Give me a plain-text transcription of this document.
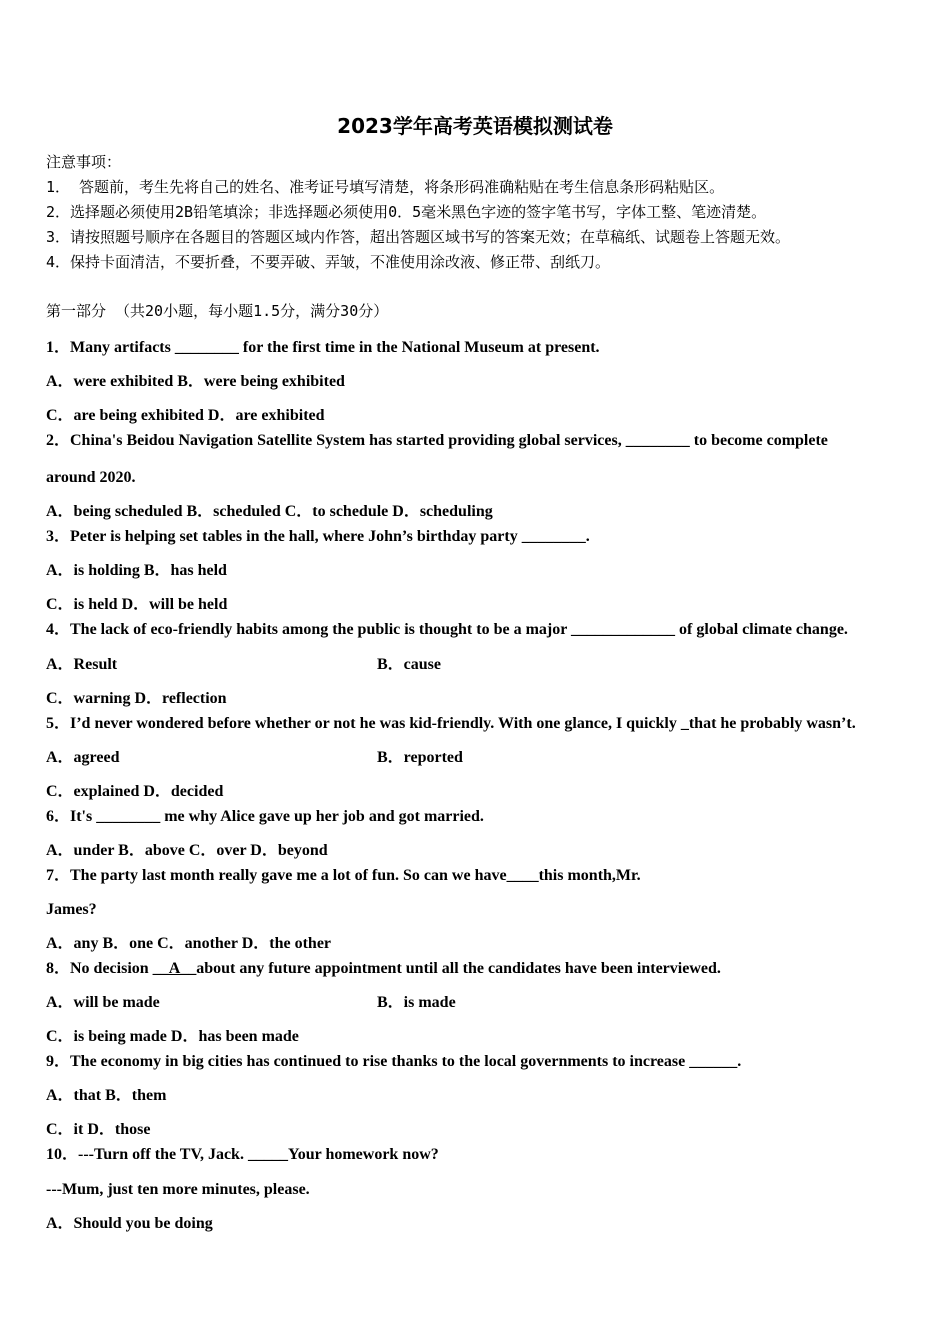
2023学年高考英语模拟测试卷
注意事项：
1． 答题前，考生先将自己的姓名、准考证号填写清楚，将条形码准确粘贴在考生信息条形码粘贴区。
2．选择题必须使用2B铅笔填涂；非选择题必须使用0．5毫米黑色字迹的签字笔书写，字体工整、笔迹清楚。
3．请按照题号顺序在各题目的答题区域内作答，超出答题区域书写的答案无效；在草稿纸、试题卷上答题无效。
4．保持卡面清洁，不要折叠，不要弄破、弄皱，不准使用涂改液、修正带、刮纸刀。
第一部分 （共20小题，每小题1.5分，满分30分）
1．Many artifacts ________ for the first time in the National Museum at present.
A．were exhibited B．were being exhibited
C．are being exhibited D．are exhibited
2．China's Beidou Navigation Satellite System has started providing global services, ________ to become complete
around 2020.
A．being scheduled B．scheduled C．to schedule D．scheduling
3．Peter is helping set tables in the hall, where John’s birthday party ________.
A．is holding B．has held
C．is held D．will be held
4．The lack of eco-friendly habits among the public is thought to be a major _____________ of global climate change.
A．Result	B．cause
C．warning D．reflection
5．I’d never wondered before whether or not he was kid-friendly. With one glance, I quickly _that he probably wasn’t.
A．agreed	B．reported
C．explained D．decided
6．It's ________ me why Alice gave up her job and got married.
A．under B．above C．over D．beyond
7．The party last month really gave me a lot of fun. So can we have____this month,Mr.
James?
A．any B．one C．another D．the other
8．No decision __A__about any future appointment until all the candidates have been interviewed.
A．will be made	B．is made
C．is being made D．has been made
9．The economy in big cities has continued to rise thanks to the local governments to increase ______.
A．that B．them
C．it D．those
10．---Turn off the TV, Jack. _____Your homework now?
---Mum, just ten more minutes, please.
A．Should you be doing
